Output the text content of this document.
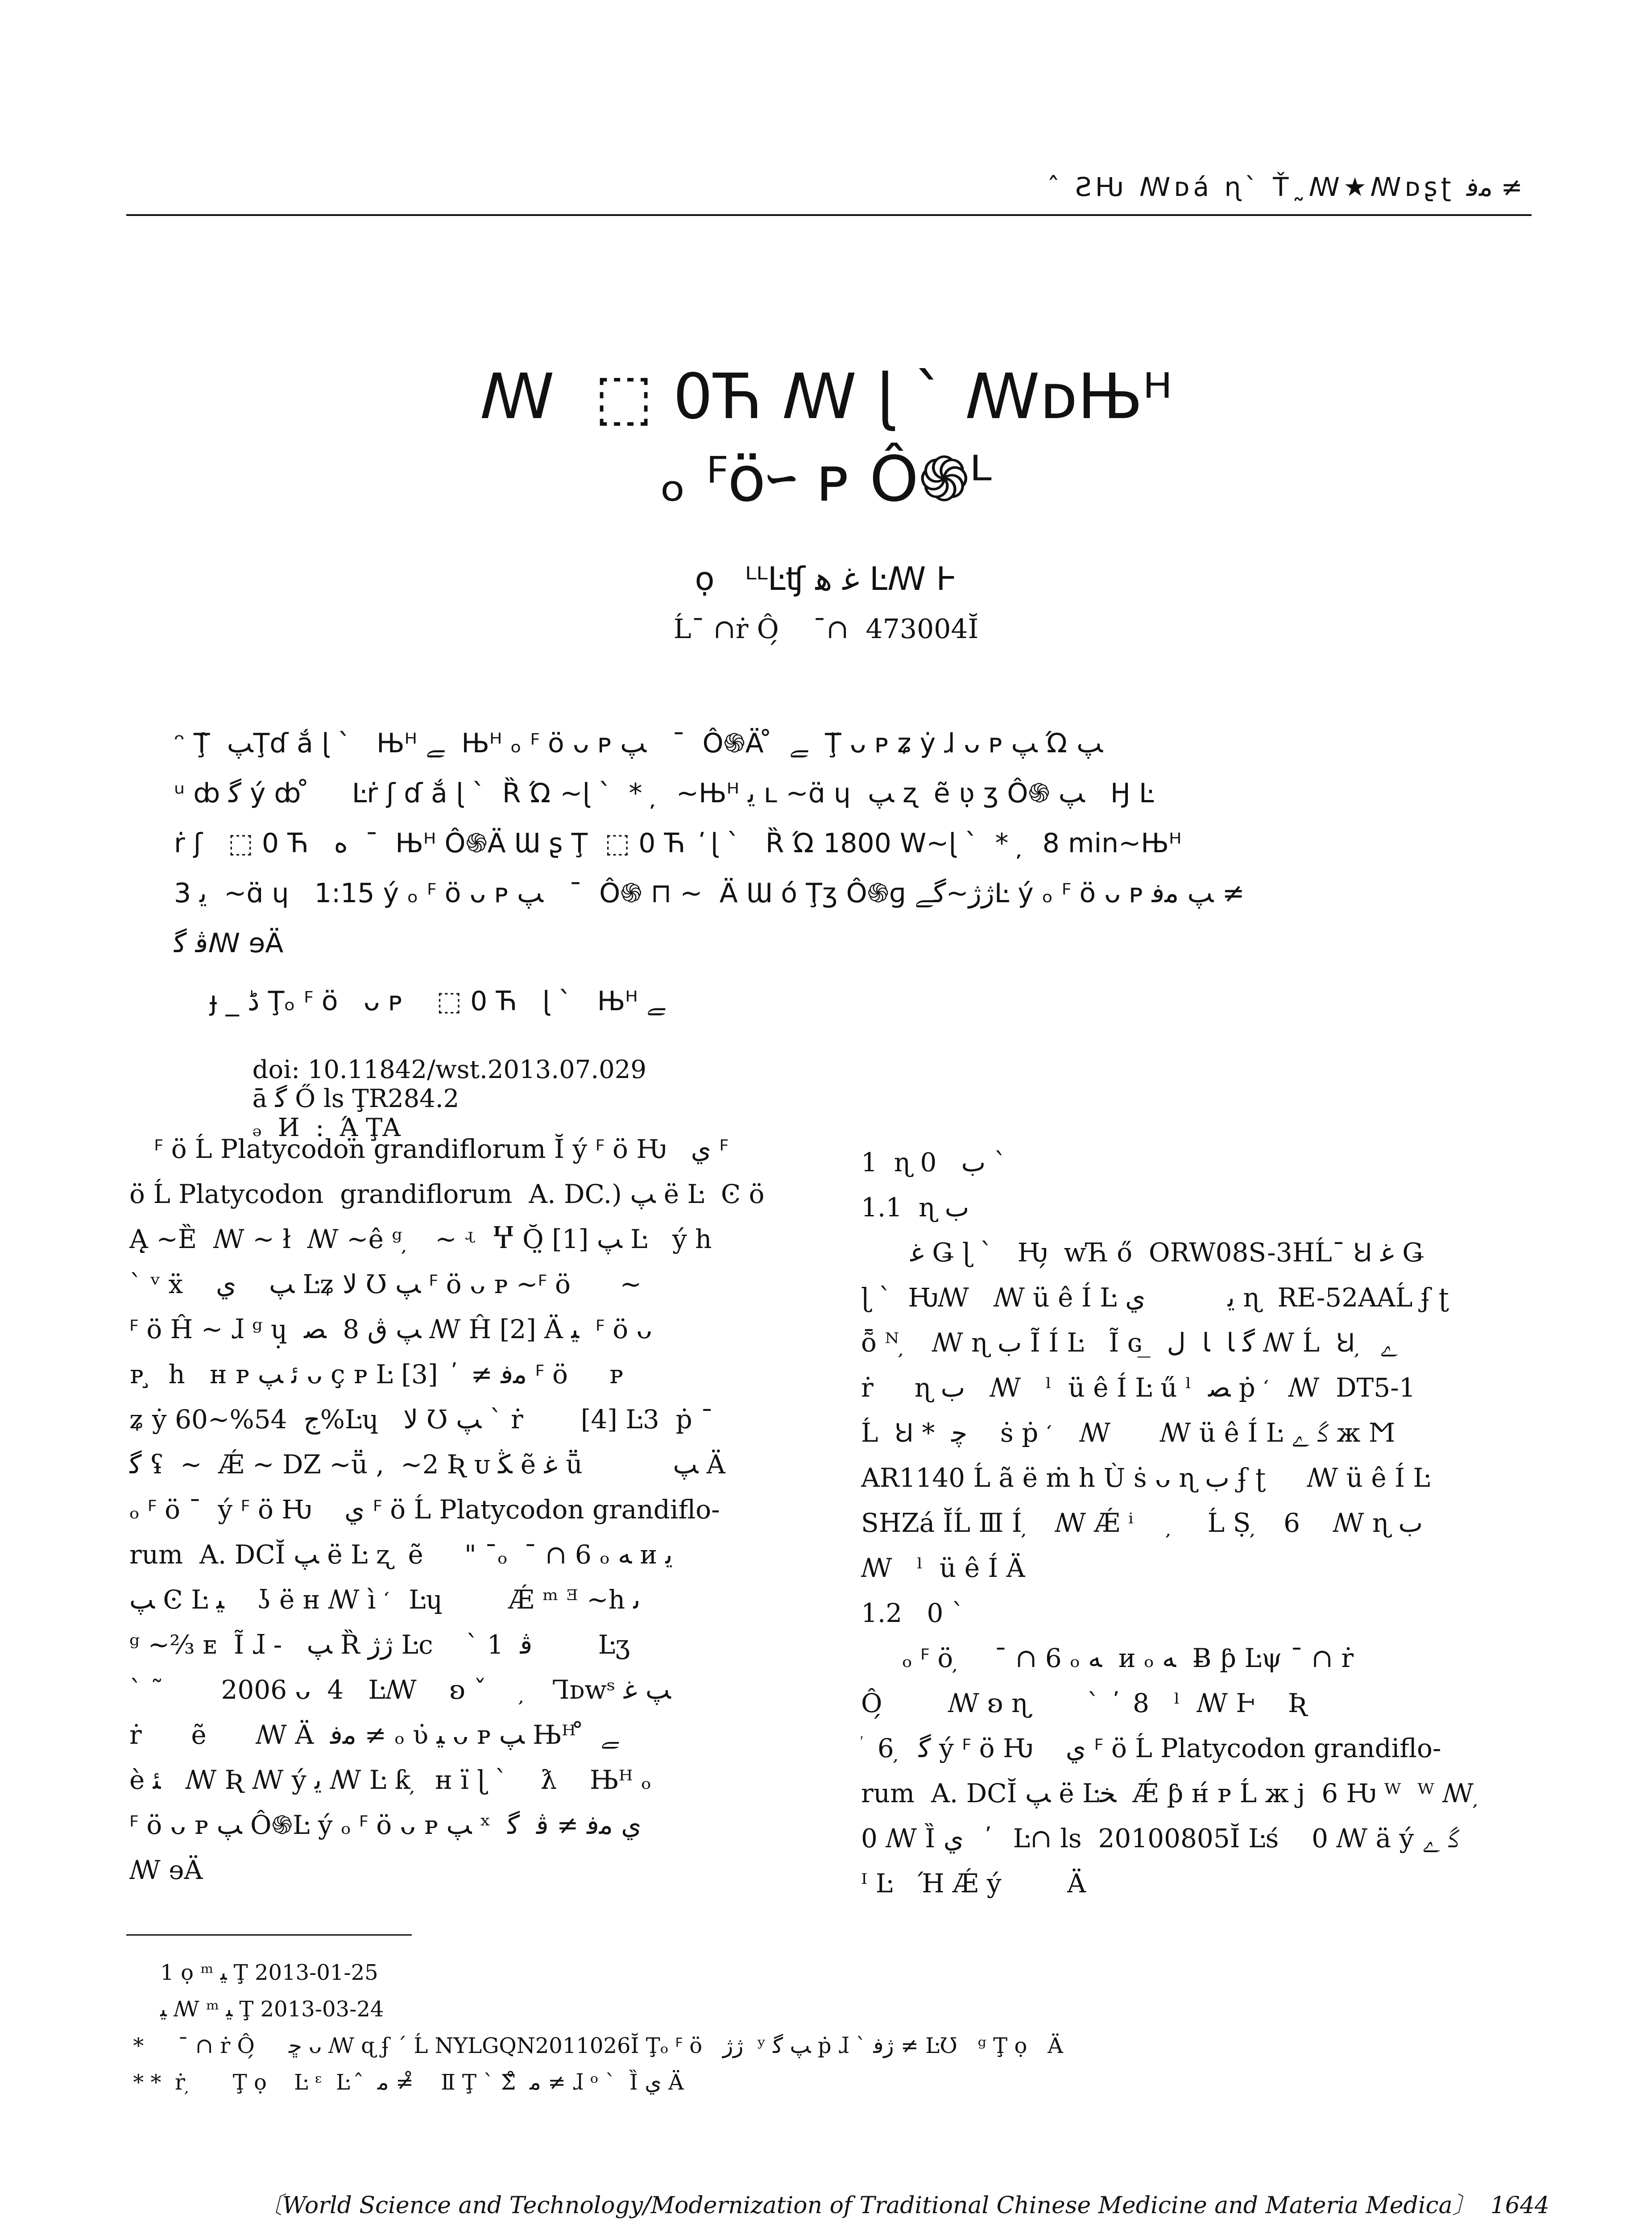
̂ ƧǶ ꟿᴅá ɳˋ Ť˷ꟿ★ꟿᴅʂʈ ﻣﻓ ≠
ꟿ  ⬚ 0Ћ ꟿ ɭ ˋ ꟿᴅЊᴴ
ₒ ꟳöｰ ᴘ Ô֍ᴸ
ọ   ᴸᴸĿʧ ﻏ ﻫ Ŀꟿ Ͱ
Ĺ¯ ∩ṙ Ô̗    ¯∩  473004Ĭ
ᵔ Ţ̂  ﭗŢɗ ắ ɭ ˋ   Њᴴ ﮯ  Њᴴ ₒ ꟳ ö ᴗ ᴘ ﭗ   ¯  Ô֍Ä ̊  ﮯ  Ţ̃ ᴗ ᴘ ʑ ẏ ɺ ᴗ ᴘ ﭗ Ώ ﭗ
ᵘ ȸ ﮔ ý ȸ ̊     Ŀṙ ʃ ɗ ắ ɭ ˋ  Ȑ Ώ ~ɭ ˋ  *  ̦  ~Њᴴ ﯾ ʟ ~ɑ̈ ɥ  ﭗ ʐ  ẽ ʋ̣ ʒ Ô֍ ﭗ   Ꜧ Ŀ
ṙ ʃ   ⬚ 0 Ћ   ﻩ  ¯  Њᴴ Ô֍Ä Ɯ ʂ Ţ  ⬚ 0 Ћ  ̕ ɭ ˋ   Ȑ Ώ 1800 W~ɭ ˋ  *  ̦  8 min~Њᴴ
3 ﯾ  ~ɑ̈ ɥ   1:15 ý ₒ ꟳ ö ᴗ ᴘ ﭗ   ¯  Ô֍ ⊓ ~  Ä Ɯ ó Ţʒ Ô֍ɡ ﮊﮊ~ﮔﮯĿ ý ₒ ꟳ ö ᴗ ᴘ ﭗ ﻣﻓ ≠
ﭬ ﮔꟿ ɘÄ
ɟ _ ﮈ Ţₒ ꟳ ö   ᴗ ᴘ    ⬚ 0 Ћ   ɭ ˋ   Њᴴ ﮯ

doi: 10.11842/wst.2013.07.029
ā ﮔ Ő ls ŢR284.2
ₔ  И  :  Ά̤ ŢA

ꟳ ö Ĺ Platycodon grandiflorum Ĭ ý ꟳ ö Ƕ   ﻱ ꟳ
ö Ĺ Platycodon  grandiflorum  A. DC.) ﭗ ë Ŀ  Ͼ ö
Ą̣ ~Ȅ  ꟿ ~ ł  ꟿ ~ê ᵍ ̦   ~ ʵ  Ⴤ Ŏ̤ ﭗ [1] Ŀ   ý h
ˋ ᵛ ẍ    ﭗ    ﻱ Ŀʑ ﻻ Ʊ ﭗ ꟳ ö ᴗ ᴘ ~ꟳ ö      ~
ꟳ ö Ĥ ~ ɺ ᵍ ɥ̣  ﭗ ڨ 8  ﺼ ꟿ Ĥ [2] Ä ﻴ  ꟳ ö ᴗ
ᴘ ̧  h   ʜ ᴘ ﺋ ﭗ ᴗ ç ᴘ Ŀ ﻣﻓ ≠  ̕  [3] ꟳ ö     ᴘ
ʑ ẏ ج  54%~60%Ŀɥ   ﻻ Ʊ ﭗ ˋ ṙ       [4] Ŀ3  ṗ ¯
ﮔ ʢ  ~  Ǽ ~ Ǳ ~ṻ ,  ~2 Ʀ ᴜ ﯖ ẽ ﻏ ṻ           ﭗ Ä
ₒ ꟳ ö ¯  ý ꟳ ö Ƕ    ﻱ ꟳ ö Ĺ Platycodon grandiflo-
rum  A. DCĬ ﭗ ë Ŀ ʐ  ẽ     " ¯ₒ  ¯ ∩ 6 ₒ ﻪ и ﯾ
ﭗ Ͼ Ŀ ﻴ    ʖ ë ʜ ꟿ ì  ̒  Ŀɥ        Ǽ ᵐ ᴲ ~h ﯨ
ᵍ ~⅔ ᴇ  Ĩ ɺ -   ﭗ Ȑ ﮊﮊ Ŀc    ˋ ﭬ  1        Ŀʒ
ˋ ˜       2006 ᴗ  4   Ŀꟿ    ʚ ˇ     ̦   Ꞁᴅwˢ ﭗ ﻏ
ṙ      ẽ      ꟿ Ä  ﻣﻓ ≠ ₒ ʋ̇ ﻴ ᴗ ᴘ ﭗ Њᴴ ̊  ﮯ
è ﺌ   ꟿ Ʀ ꟿ ý ﯾ ꟿ Ŀ ƙ ̦  ʜ ï ɭ ˋ    ƛ    Њᴴ ₒ
ꟳ ö ᴗ ᴘ ﭗ Ô֍Ŀ ý ₒ ꟳ ö ᴗ ᴘ ﭗ ˣ  ﻱ ﻣﻓ ≠ ﭬ  ﮔ
ꟿ ɘÄ
1  ɳ ﺏ   0 ˋ
1.1  ɳ ﺏ
ﻏ Ǥ ɭ ˋ   Ƕ̗  wЋ ő  ORW08S-3HĹ¯ Ꞟ ﻏ Ǥ
ɭ ˋ  Ƕꟿ   ꟿ ü ê Í Ŀ ﯾ          ﻱ ɳ  RE-52AAĹ ʄ ʈ
ȭ ᴺ ̦   ꟿ ɳ ﺏ Ĩ Í Ŀ   Ĩ ɢ ̲  ﮔ ﺎ  ﺎ  ﻝ ꟿ Ĺ  Ꞟ ̦  ﮮ
ṙ     ɳ ﺏ   ꟿ   ˡ  ü ê Í Ŀ ű ˡ  ﺼ ṗ  ̒  ꟿ  DT5-1
Ĺ  Ꞟ *  ﭼ    ṡ ṗ  ̒   ꟿ      ꟿ ü ê Í Ŀ ﮔ ﮮ ж Ϻ
AR1140 Ĺ ã ë ṁ h Ù ṡ ᴗ ɳ ﺏ ʄ ʈ     ꟿ ü ê Í Ŀ
SHZá ĬĹ Ⅲ Í ̦   ꟿ Ǽ ⁱ     ̦    Ĺ Ṣ ̦   6    ꟿ ɳ ﺏ
ꟿ   ˡ  ü ê Í Ä
1.2   0 ˋ
ₒ ꟳ ö ̦    ¯ ∩ 6 ₒ ﻪ  и ₒ ﻪ  Ƀ ƥ Ŀψ ¯ ∩ ṙ
Ô̗        ꟿ ʚ ɳ ̦      ˋ  ̕  8   ˡ  ꟿ Ͱ    Ʀ
̕  6 ̦  ﮔ ý ꟳ ö Ƕ    ﻱ ꟳ ö Ĺ Platycodon grandiflo-
rum  A. DCĬ ﭗ ë Ŀﺨ  Ǽ ƥ ʜ́ ᴘ Ĺ ж j  6 Ƕ ᵂ  ᵂ ꟿ ̦
0 ꟿ Ȉ ﻱ    ̕  Ŀ∩ ls  20100805Ĭ Ŀś    0 ꟿ ä ý ﮔ ﮮ
ᴵ Ŀ   Ή Ǽ ý        Ä
1 ọ ᵐ ﯿ Ţ 2013-01-25
ﯿ ꟿ ᵐ ﯿ Ţ 2013-03-24
*     ¯ ∩ ṙ Ô̗     ﮀ ᴗ ꟿ ɋ ʄ ˊ Ĺ NYLGQN2011026Ĭ Ţₒ ꟳ ö   ﮊﮊ  ʸ ﭗ ﮔ ṗ ɺ ˋ ﮊﻓ ≠ ĿƱ   ᵍ Ţ ọ   Ä
* *  ṙ ̦      Ţ ọ    Ŀ ᵋ  Ŀ  ̂  ﻣ ≠ ̊   Ⅱ Ţ ˋ Σ̊  ﻣ ≠ ɺ ᵒ ˋ  Ȉ ﻱ Ä
〔World Science and Technology/Modernization of Traditional Chinese Medicine and Materia Medica〕 1644
